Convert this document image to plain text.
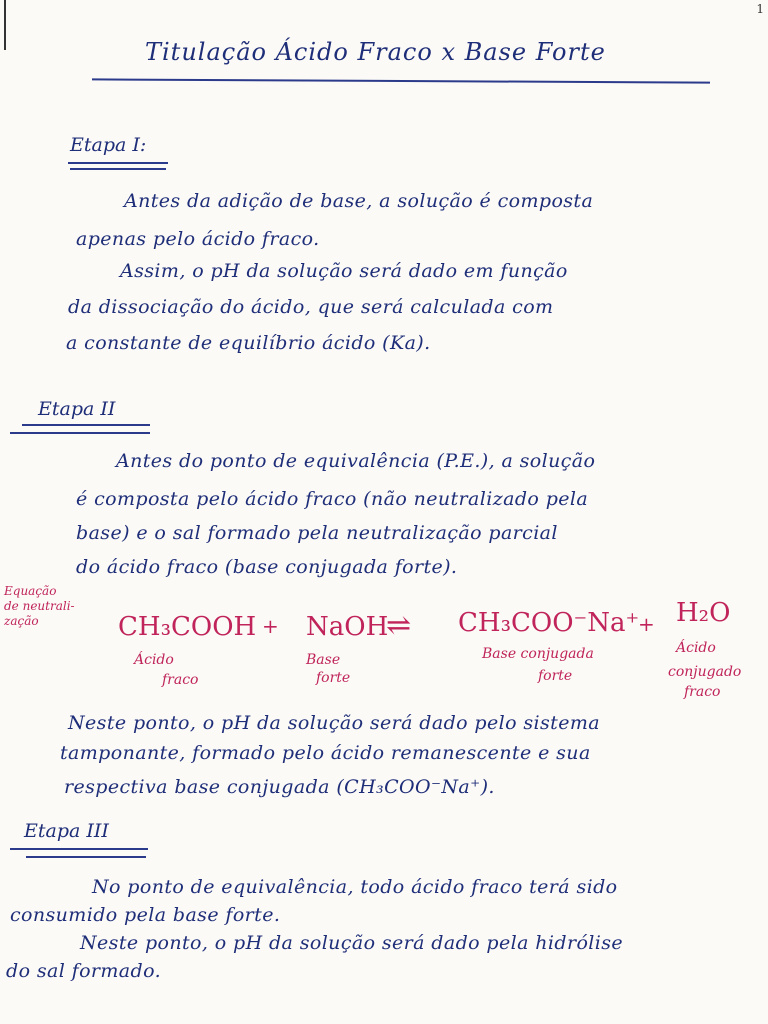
1
Titulação Ácido Fraco x Base Forte
Etapa I:
Antes da adição de base, a solução é composta
apenas pelo ácido fraco.
Assim, o pH da solução será dado em função
da dissociação do ácido, que será calculada com
a constante de equilíbrio ácido (Ka).
Etapa II
Antes do ponto de equivalência (P.E.), a solução
é composta pelo ácido fraco (não neutralizado pela
base) e o sal formado pela neutralização parcial
do ácido fraco (base conjugada forte).
Equação
de neutrali-
zação	CH₃COOH + NaOH
⇌ CH₃COO⁻Na⁺
+ H₂O
Ácido
fraco
Base
forte
Base conjugada
forte
Ácido
conjugado
fraco
Neste ponto, o pH da solução será dado pelo sistema
tamponante, formado pelo ácido remanescente e sua
respectiva base conjugada (CH₃COO⁻Na⁺).
Etapa III
No ponto de equivalência, todo ácido fraco terá sido
consumido pela base forte.
Neste ponto, o pH da solução será dado pela hidrólise
do sal formado.
